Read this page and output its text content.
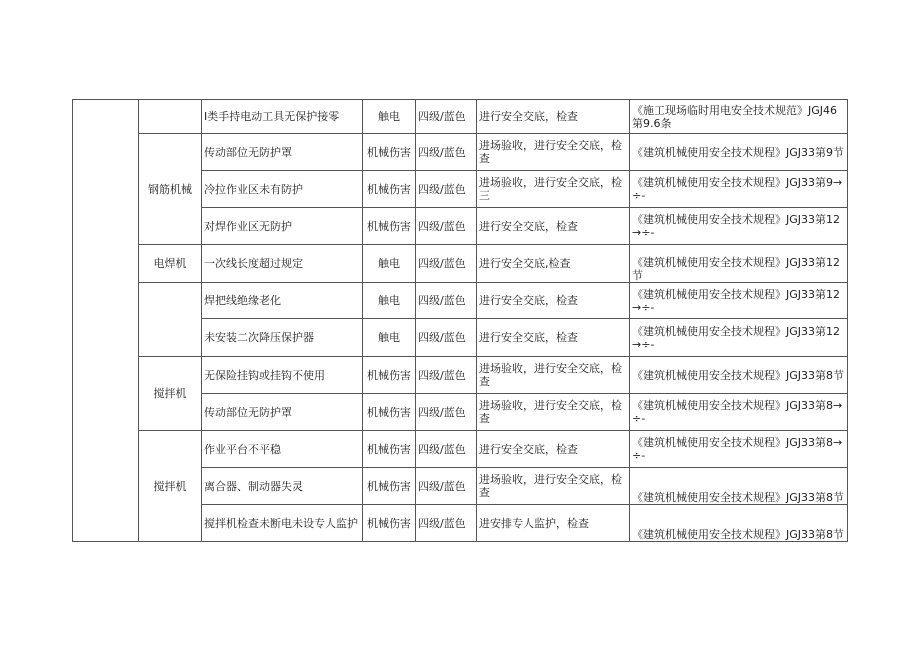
		I类手持电动工具无保护接零	触电	四级/蓝色	进行安全交底，检查	《施工现场临时用电安全技术规范》JGJ46第9.6条
	钢筋机械	传动部位无防护罩	机械伤害	四级/蓝色	进场验收，进行安全交底，检查	《建筑机械使用安全技术规程》JGJ33第9节
		冷拉作业区未有防护	机械伤害	四级/蓝色	进场验收，进行安全交底，检三	《建筑机械使用安全技术规程》JGJ33第9→÷-
		对焊作业区无防护	机械伤害	四级/蓝色	进行安全交底，检查	《建筑机械使用安全技术规程》JGJ33第12→÷-
	电焊机	一次线长度超过规定	触电	四级/蓝色	进行安全交底,检查	《建筑机械使用安全技术规程》JGJ33第12节
		焊把线绝缘老化	触电	四级/蓝色	进行安全交底，检查	《建筑机械使用安全技术规程》JGJ33第12→÷-
		未安装二次降压保护器	触电	四级/蓝色	进行安全交底，检查	《建筑机械使用安全技术规程》JGJ33第12→÷-
	搅拌机	无保险挂钩或挂钩不使用	机械伤害	四级/蓝色	进场验收，进行安全交底，检查	《建筑机械使用安全技术规程》JGJ33第8节
		传动部位无防护罩	机械伤害	四级/蓝色	进场验收，进行安全交底，检查	《建筑机械使用安全技术规程》JGJ33第8→÷-
	搅拌机	作业平台不平稳	机械伤害	四级/蓝色	进行安全交底，检查	《建筑机械使用安全技术规程》JGJ33第8→÷-
		离合器、制动器失灵	机械伤害	四级/蓝色	进场验收，进行安全交底，检查	《建筑机械使用安全技术规程》JGJ33第8节
		搅拌机检查未断电未设专人监护	机械伤害	四级/蓝色	进安排专人监护，检查	《建筑机械使用安全技术规程》JGJ33第8节
